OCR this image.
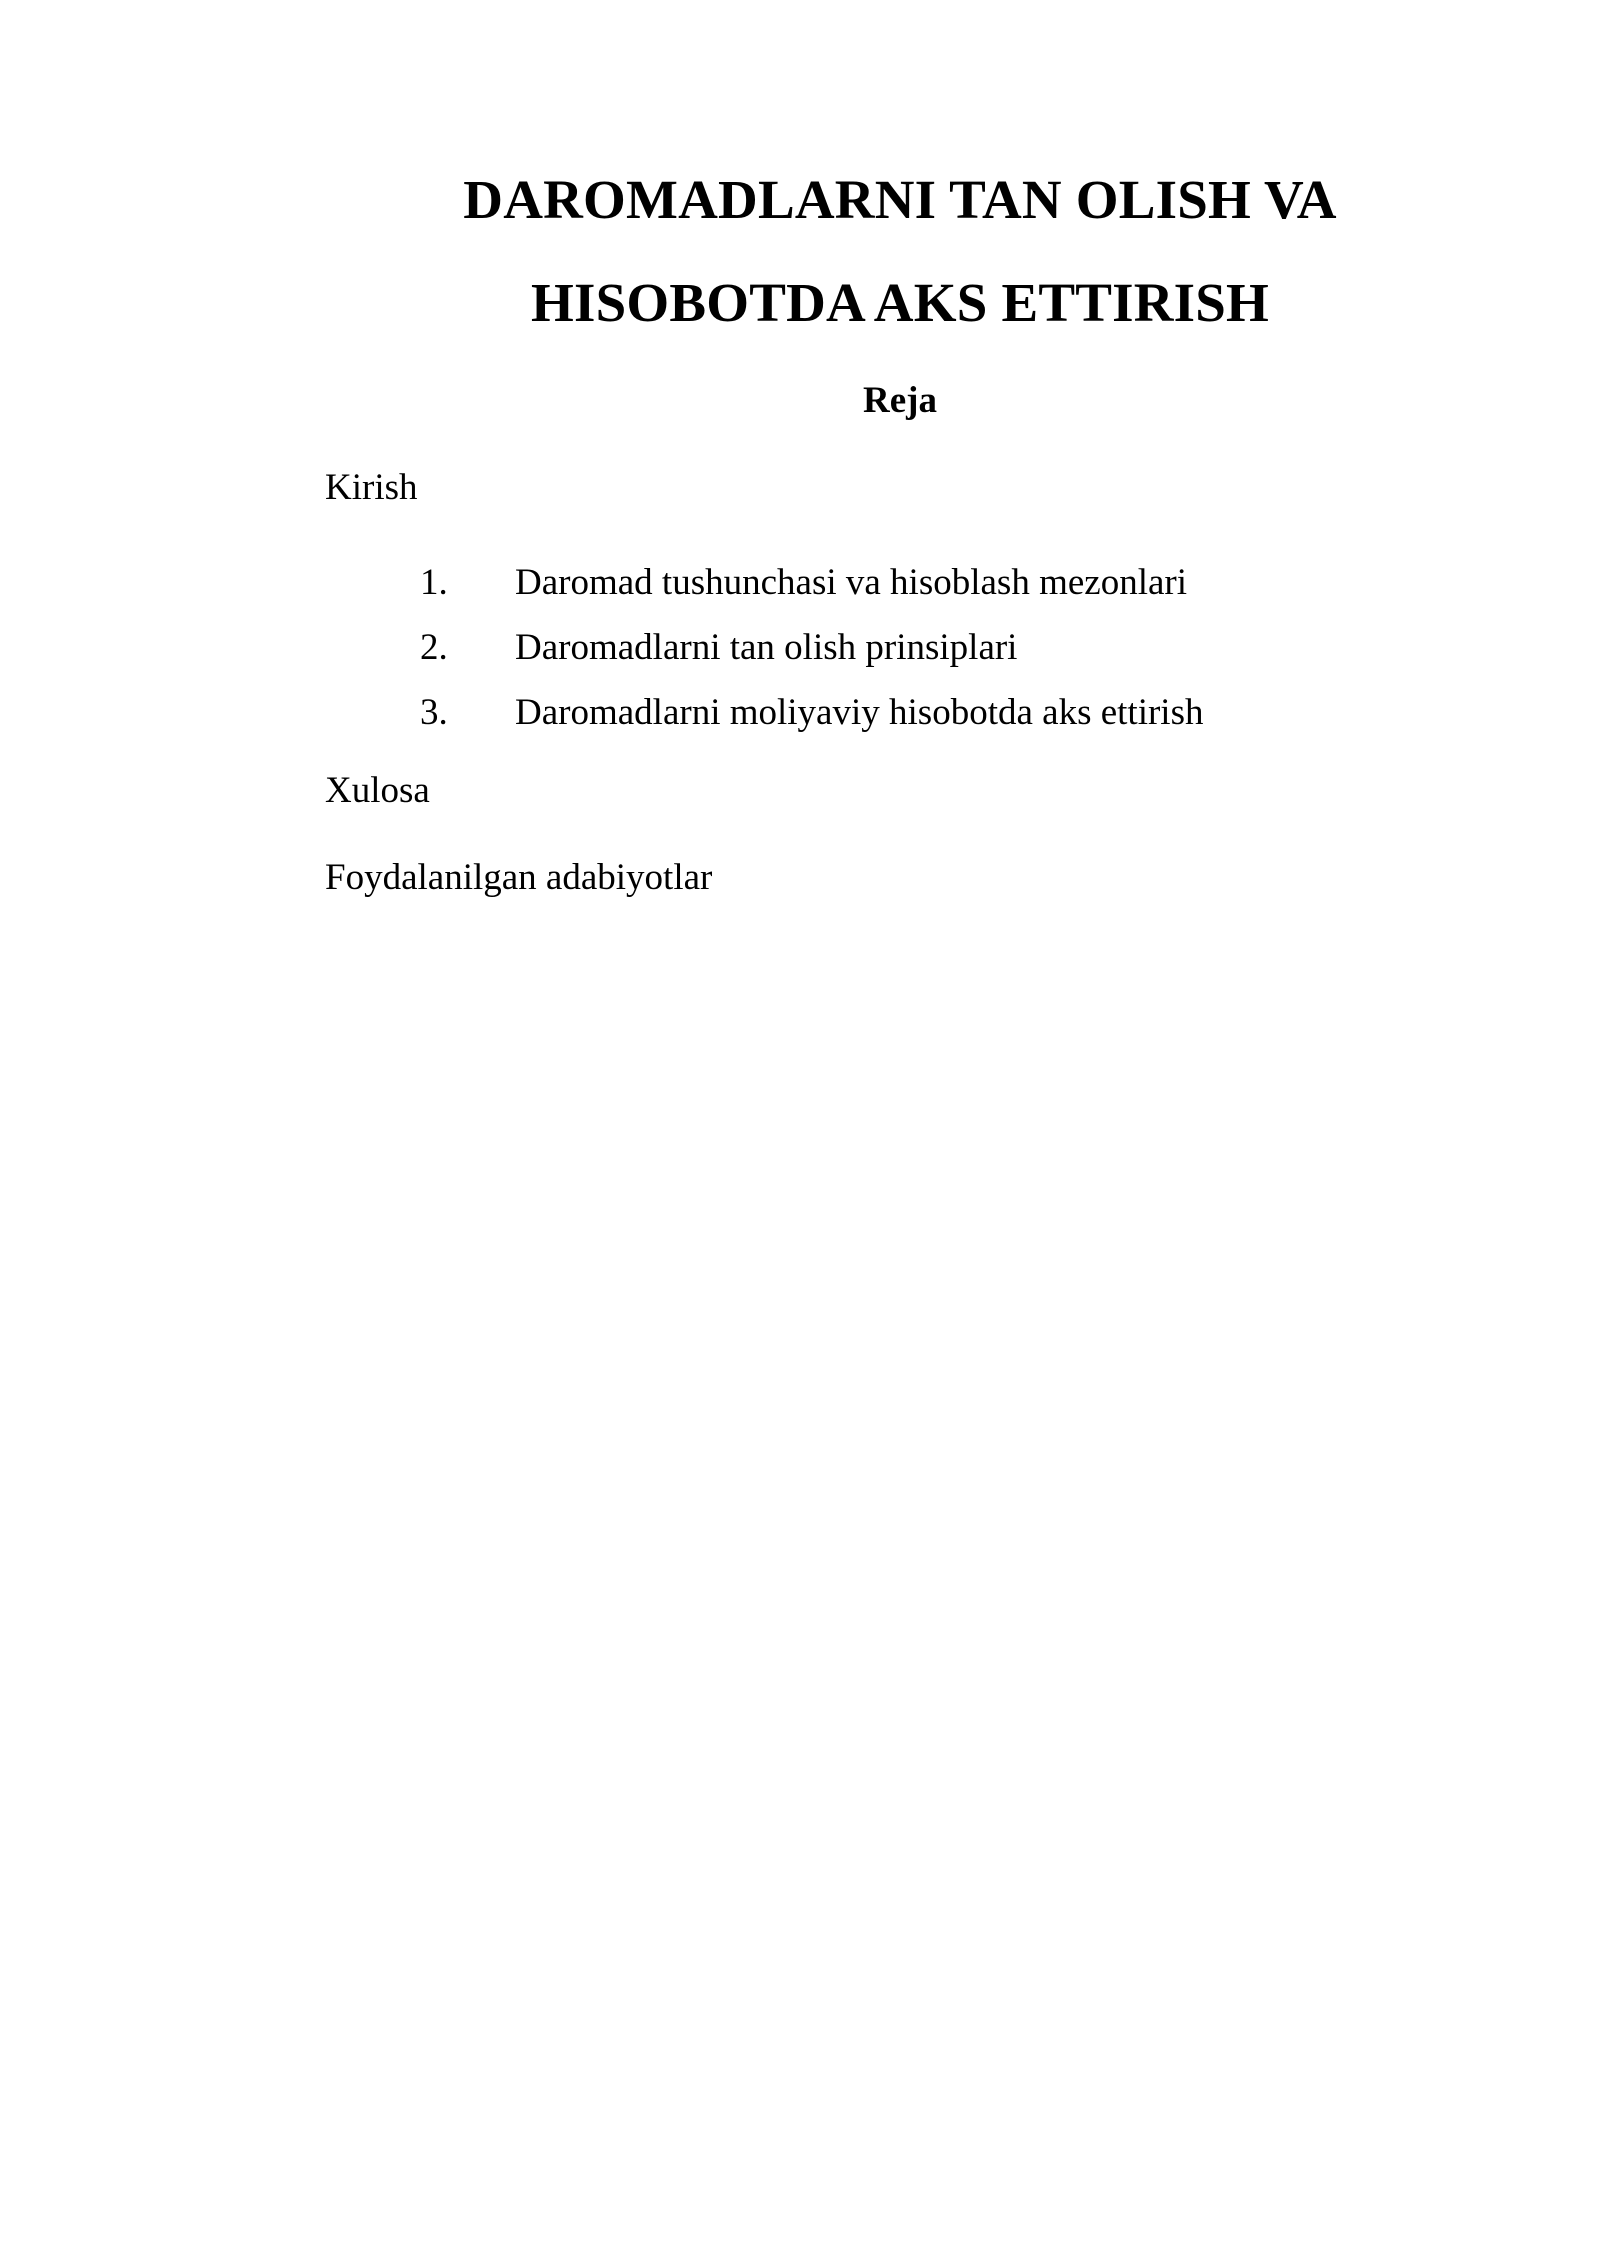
DAROMADLARNI TAN OLISH VA
HISOBOTDA AKS ETTIRISH
Reja

Kirish

1. Daromad tushunchasi va hisoblash mezonlari
2. Daromadlarni tan olish prinsiplari
3. Daromadlarni moliyaviy hisobotda aks ettirish

Xulosa

Foydalanilgan adabiyotlar
